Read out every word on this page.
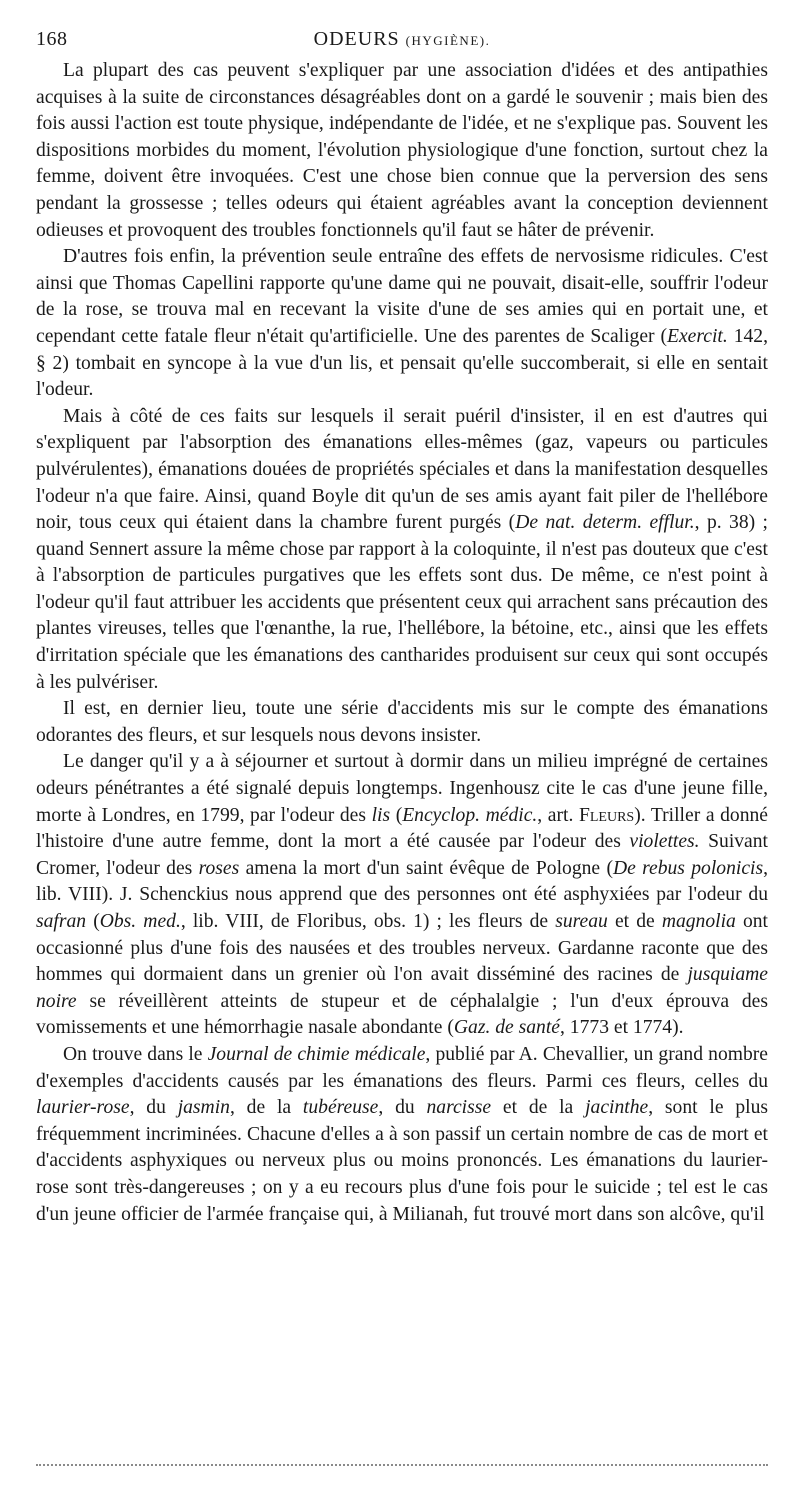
168	ODEURS (HYGIÈNE).

La plupart des cas peuvent s'expliquer par une association d'idées et des antipathies acquises à la suite de circonstances désagréables dont on a gardé le souvenir ; mais bien des fois aussi l'action est toute physique, indépendante de l'idée, et ne s'explique pas. Souvent les dispositions morbides du moment, l'évolution physiologique d'une fonction, surtout chez la femme, doivent être invoquées. C'est une chose bien connue que la perversion des sens pendant la grossesse ; telles odeurs qui étaient agréables avant la conception deviennent odieuses et provoquent des troubles fonctionnels qu'il faut se hâter de prévenir.

D'autres fois enfin, la prévention seule entraîne des effets de nervosisme ridicules. C'est ainsi que Thomas Capellini rapporte qu'une dame qui ne pouvait, disait-elle, souffrir l'odeur de la rose, se trouva mal en recevant la visite d'une de ses amies qui en portait une, et cependant cette fatale fleur n'était qu'artificielle. Une des parentes de Scaliger (Exercit. 142, § 2) tombait en syncope à la vue d'un lis, et pensait qu'elle succomberait, si elle en sentait l'odeur.

Mais à côté de ces faits sur lesquels il serait puéril d'insister, il en est d'autres qui s'expliquent par l'absorption des émanations elles-mêmes (gaz, vapeurs ou particules pulvérulentes), émanations douées de propriétés spéciales et dans la manifestation desquelles l'odeur n'a que faire. Ainsi, quand Boyle dit qu'un de ses amis ayant fait piler de l'hellébore noir, tous ceux qui étaient dans la chambre furent purgés (De nat. determ. efflur., p. 38) ; quand Sennert assure la même chose par rapport à la coloquinte, il n'est pas douteux que c'est à l'absorption de particules purgatives que les effets sont dus. De même, ce n'est point à l'odeur qu'il faut attribuer les accidents que présentent ceux qui arrachent sans précaution des plantes vireuses, telles que l'œnanthe, la rue, l'hellébore, la bétoine, etc., ainsi que les effets d'irritation spéciale que les émanations des cantharides produisent sur ceux qui sont occupés à les pulvériser.

Il est, en dernier lieu, toute une série d'accidents mis sur le compte des émanations odorantes des fleurs, et sur lesquels nous devons insister.

Le danger qu'il y a à séjourner et surtout à dormir dans un milieu imprégné de certaines odeurs pénétrantes a été signalé depuis longtemps. Ingenhousz cite le cas d'une jeune fille, morte à Londres, en 1799, par l'odeur des lis (Encyclop. médic., art. Fleurs). Triller a donné l'histoire d'une autre femme, dont la mort a été causée par l'odeur des violettes. Suivant Cromer, l'odeur des roses amena la mort d'un saint évêque de Pologne (De rebus polonicis, lib. VIII). J. Schenckius nous apprend que des personnes ont été asphyxiées par l'odeur du safran (Obs. med., lib. VIII, de Floribus, obs. 1) ; les fleurs de sureau et de magnolia ont occasionné plus d'une fois des nausées et des troubles nerveux. Gardanne raconte que des hommes qui dormaient dans un grenier où l'on avait disséminé des racines de jusquiame noire se réveillèrent atteints de stupeur et de céphalalgie ; l'un d'eux éprouva des vomissements et une hémorrhagie nasale abondante (Gaz. de santé, 1773 et 1774).

On trouve dans le Journal de chimie médicale, publié par A. Chevallier, un grand nombre d'exemples d'accidents causés par les émanations des fleurs. Parmi ces fleurs, celles du laurier-rose, du jasmin, de la tubéreuse, du narcisse et de la jacinthe, sont le plus fréquemment incriminées. Chacune d'elles a à son passif un certain nombre de cas de mort et d'accidents asphyxiques ou nerveux plus ou moins prononcés. Les émanations du laurier-rose sont très-dangereuses ; on y a eu recours plus d'une fois pour le suicide ; tel est le cas d'un jeune officier de l'armée française qui, à Milianah, fut trouvé mort dans son alcôve, qu'il
